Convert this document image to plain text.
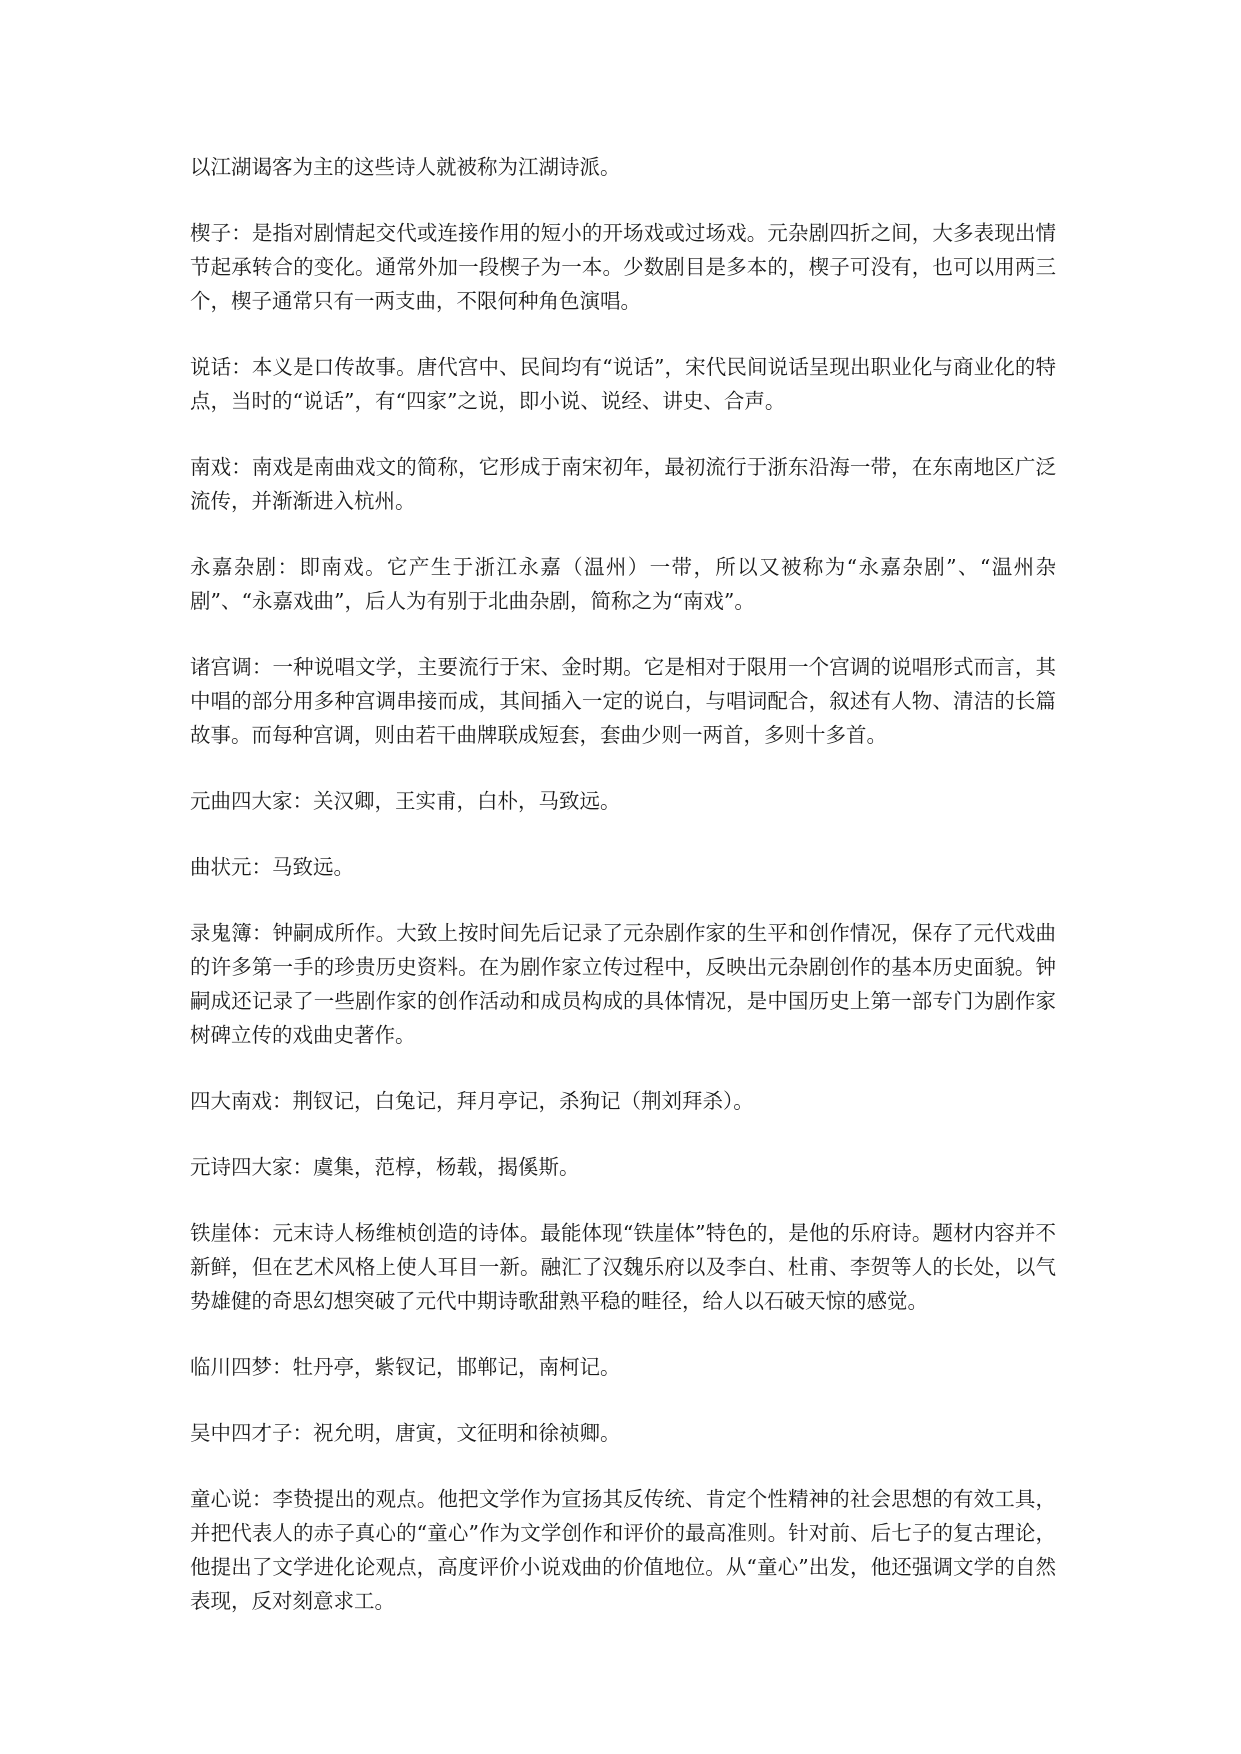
以江湖谒客为主的这些诗人就被称为江湖诗派。

楔子：是指对剧情起交代或连接作用的短小的开场戏或过场戏。元杂剧四折之间，大多表现出情节起承转合的变化。通常外加一段楔子为一本。少数剧目是多本的，楔子可没有，也可以用两三个，楔子通常只有一两支曲，不限何种角色演唱。

说话：本义是口传故事。唐代宫中、民间均有“说话”，宋代民间说话呈现出职业化与商业化的特点，当时的“说话”，有“四家”之说，即小说、说经、讲史、合声。

南戏：南戏是南曲戏文的简称，它形成于南宋初年，最初流行于浙东沿海一带，在东南地区广泛流传，并渐渐进入杭州。

永嘉杂剧：即南戏。它产生于浙江永嘉（温州）一带，所以又被称为“永嘉杂剧”、“温州杂剧”、“永嘉戏曲”，后人为有别于北曲杂剧，简称之为“南戏”。

诸宫调：一种说唱文学，主要流行于宋、金时期。它是相对于限用一个宫调的说唱形式而言，其中唱的部分用多种宫调串接而成，其间插入一定的说白，与唱词配合，叙述有人物、清洁的长篇故事。而每种宫调，则由若干曲牌联成短套，套曲少则一两首，多则十多首。

元曲四大家：关汉卿，王实甫，白朴，马致远。

曲状元：马致远。

录鬼簿：钟嗣成所作。大致上按时间先后记录了元杂剧作家的生平和创作情况，保存了元代戏曲的许多第一手的珍贵历史资料。在为剧作家立传过程中，反映出元杂剧创作的基本历史面貌。钟嗣成还记录了一些剧作家的创作活动和成员构成的具体情况，是中国历史上第一部专门为剧作家树碑立传的戏曲史著作。

四大南戏：荆钗记，白兔记，拜月亭记，杀狗记（荆刘拜杀）。

元诗四大家：虞集，范椁，杨载，揭傒斯。

铁崖体：元末诗人杨维桢创造的诗体。最能体现“铁崖体”特色的，是他的乐府诗。题材内容并不新鲜，但在艺术风格上使人耳目一新。融汇了汉魏乐府以及李白、杜甫、李贺等人的长处，以气势雄健的奇思幻想突破了元代中期诗歌甜熟平稳的畦径，给人以石破天惊的感觉。

临川四梦：牡丹亭，紫钗记，邯郸记，南柯记。

吴中四才子：祝允明，唐寅，文征明和徐祯卿。

童心说：李贽提出的观点。他把文学作为宣扬其反传统、肯定个性精神的社会思想的有效工具，并把代表人的赤子真心的“童心”作为文学创作和评价的最高准则。针对前、后七子的复古理论，他提出了文学进化论观点，高度评价小说戏曲的价值地位。从“童心”出发，他还强调文学的自然表现，反对刻意求工。
